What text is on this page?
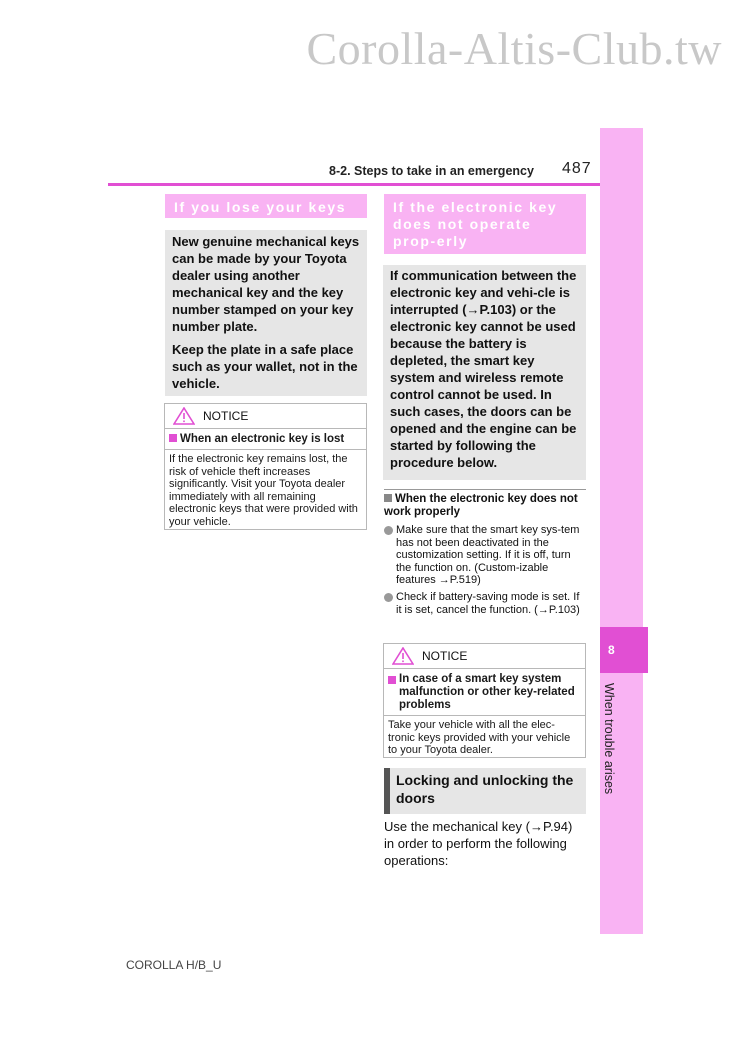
Corolla-Altis-Club.tw
8
When trouble arises
8-2. Steps to take in an emergency 487
If you lose your keys

New genuine mechanical keys can be made by your Toyota dealer using another mechanical key and the key number stamped on your key number plate.

Keep the plate in a safe place such as your wallet, not in the vehicle.

NOTICE
When an electronic key is lost
If the electronic key remains lost, the risk of vehicle theft increases significantly. Visit your Toyota dealer immediately with all remaining electronic keys that were provided with your vehicle.
If the electronic key does not operate prop-erly

If communication between the electronic key and vehi-cle is interrupted (→P.103) or the electronic key cannot be used because the battery is depleted, the smart key system and wireless remote control cannot be used. In such cases, the doors can be opened and the engine can be started by following the procedure below.

When the electronic key does not work properly
Make sure that the smart key sys-tem has not been deactivated in the customization setting. If it is off, turn the function on. (Custom-izable features →P.519)
Check if battery-saving mode is set. If it is set, cancel the function. (→P.103)
NOTICE
In case of a smart key system malfunction or other key-related problems
Take your vehicle with all the elec-tronic keys provided with your vehicle to your Toyota dealer.
Locking and unlocking the doors
Use the mechanical key (→P.94) in order to perform the following operations:
COROLLA H/B_U
